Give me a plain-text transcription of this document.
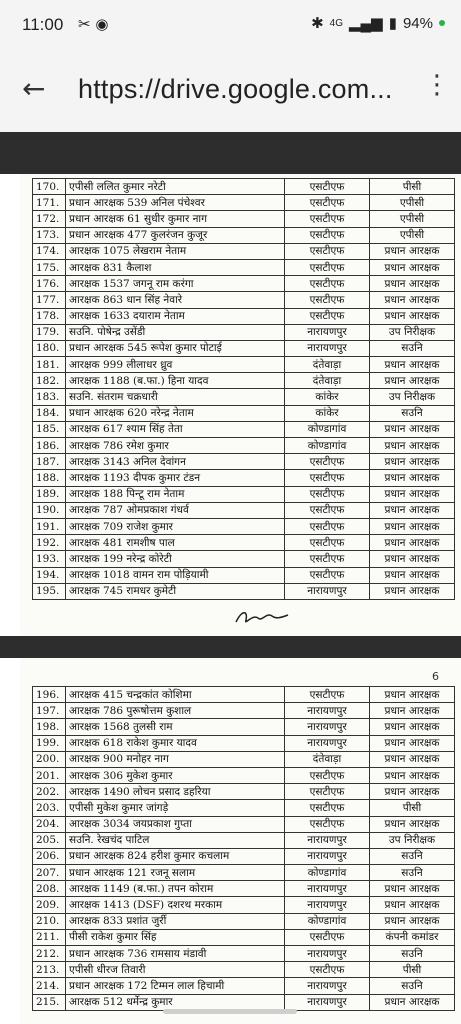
11:00 ✂ ◉	✱ 4G ▂▄▆ ▮ 94%
← https://drive.google.com... ⋮
170.	एपीसी ललित कुमार नरेटी	एसटीएफ	पीसी
171.	प्रधान आरक्षक 539 अनिल पंचेश्वर	एसटीएफ	एपीसी
172.	प्रधान आरक्षक 61 सुधीर कुमार नाग	एसटीएफ	एपीसी
173.	प्रधान आरक्षक 477 कुलरंजन कुजूर	एसटीएफ	एपीसी
174.	आरक्षक 1075 लेखराम नेताम	एसटीएफ	प्रधान आरक्षक
175.	आरक्षक 831 कैलाश	एसटीएफ	प्रधान आरक्षक
176.	आरक्षक 1537 जगनू राम करंगा	एसटीएफ	प्रधान आरक्षक
177.	आरक्षक 863 धान सिंह नेवारे	एसटीएफ	प्रधान आरक्षक
178.	आरक्षक 1633 दयाराम नेताम	एसटीएफ	प्रधान आरक्षक
179.	सउनि. पोषेन्द्र उसेंडी	नारायणपुर	उप निरीक्षक
180.	प्रधान आरक्षक 545 रूपेश कुमार पोटाई	नारायणपुर	सउनि
181.	आरक्षक 999 लीलाधर ध्रुव	दंतेवाड़ा	प्रधान आरक्षक
182.	आरक्षक 1188 (ब.फा.) हिना यादव	दंतेवाड़ा	प्रधान आरक्षक
183.	सउनि. संतराम चक्रधारी	कांकेर	उप निरीक्षक
184.	प्रधान आरक्षक 620 नरेन्द्र नेताम	कांकेर	सउनि
185.	आरक्षक 617 श्याम सिंह तेता	कोण्डागांव	प्रधान आरक्षक
186.	आरक्षक 786 रमेश कुमार	कोण्डागांव	प्रधान आरक्षक
187.	आरक्षक 3143 अनिल देवांगन	एसटीएफ	प्रधान आरक्षक
188.	आरक्षक 1193 दीपक कुमार टंडन	एसटीएफ	प्रधान आरक्षक
189.	आरक्षक 188 पिन्टू राम नेताम	एसटीएफ	प्रधान आरक्षक
190.	आरक्षक 787 ओमप्रकाश गंधर्व	एसटीएफ	प्रधान आरक्षक
191.	आरक्षक 709 राजेश कुमार	एसटीएफ	प्रधान आरक्षक
192.	आरक्षक 481 रामशीष पाल	एसटीएफ	प्रधान आरक्षक
193.	आरक्षक 199 नरेन्द्र कोरेटी	एसटीएफ	प्रधान आरक्षक
194.	आरक्षक 1018 वामन राम पोड़ियामी	एसटीएफ	प्रधान आरक्षक
195.	आरक्षक 745 रामधर कुमेटी	नारायणपुर	प्रधान आरक्षक
6
196.	आरक्षक 415 चन्द्रकांत कोशिमा	एसटीएफ	प्रधान आरक्षक
197.	आरक्षक 786 पुरूषोत्तम कुशाल	नारायणपुर	प्रधान आरक्षक
198.	आरक्षक 1568 तुलसी राम	नारायणपुर	प्रधान आरक्षक
199.	आरक्षक 618 राकेश कुमार यादव	नारायणपुर	प्रधान आरक्षक
200.	आरक्षक 900 मनोहर नाग	दंतेवाड़ा	प्रधान आरक्षक
201.	आरक्षक 306 मुकेश कुमार	एसटीएफ	प्रधान आरक्षक
202.	आरक्षक 1490 लोचन प्रसाद डहरिया	एसटीएफ	प्रधान आरक्षक
203.	एपीसी मुकेश कुमार जांगड़े	एसटीएफ	पीसी
204.	आरक्षक 3034 जयप्रकाश गुप्ता	एसटीएफ	प्रधान आरक्षक
205.	सउनि. रेखचंद पाटिल	नारायणपुर	उप निरीक्षक
206.	प्रधान आरक्षक 824 हरीश कुमार कचलाम	नारायणपुर	सउनि
207.	प्रधान आरक्षक 121 रजनू सलाम	कोण्डागांव	सउनि
208.	आरक्षक 1149 (ब.फा.) तपन कोराम	नारायणपुर	प्रधान आरक्षक
209.	आरक्षक 1413 (DSF) दशरथ मरकाम	नारायणपुर	प्रधान आरक्षक
210.	आरक्षक 833 प्रशांत जुर्री	कोण्डागांव	प्रधान आरक्षक
211.	पीसी राकेश कुमार सिंह	एसटीएफ	कंपनी कमांडर
212.	प्रधान आरक्षक 736 रामसाय मंडावी	नारायणपुर	सउनि
213.	एपीसी धीरज तिवारी	एसटीएफ	पीसी
214.	प्रधान आरक्षक 172 टिम्मन लाल हिचामी	नारायणपुर	सउनि
215.	आरक्षक 512 धर्मेन्द्र कुमार	नारायणपुर	प्रधान आरक्षक
